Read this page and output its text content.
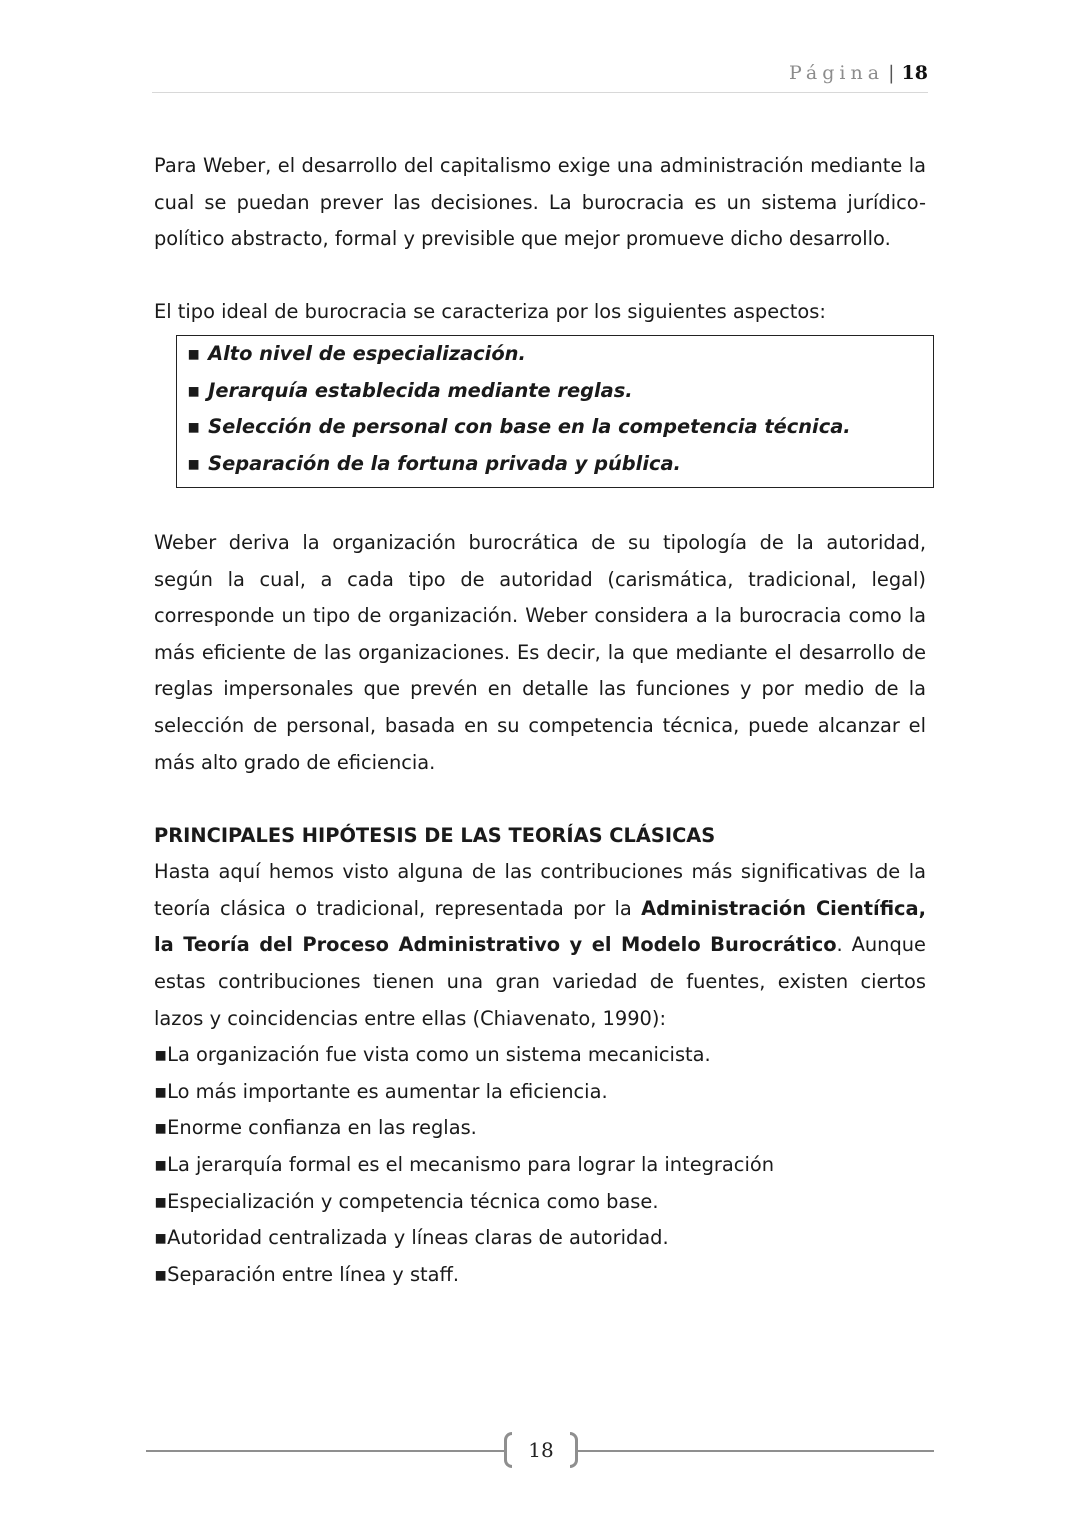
Página | 18

Para Weber, el desarrollo del capitalismo exige una administración mediante la cual se puedan prever las decisiones. La burocracia es un sistema jurídico-político abstracto, formal y previsible que mejor promueve dicho desarrollo.

El tipo ideal de burocracia se caracteriza por los siguientes aspectos:

▪ Alto nivel de especialización.
▪ Jerarquía establecida mediante reglas.
▪ Selección de personal con base en la competencia técnica.
▪ Separación de la fortuna privada y pública.

Weber deriva la organización burocrática de su tipología de la autoridad, según la cual, a cada tipo de autoridad (carismática, tradicional, legal) corresponde un tipo de organización. Weber considera a la burocracia como la más eficiente de las organizaciones. Es decir, la que mediante el desarrollo de reglas impersonales que prevén en detalle las funciones y por medio de la selección de personal, basada en su competencia técnica, puede alcanzar el más alto grado de eficiencia.

PRINCIPALES HIPÓTESIS DE LAS TEORÍAS CLÁSICAS

Hasta aquí hemos visto alguna de las contribuciones más significativas de la teoría clásica o tradicional, representada por la Administración Científica, la Teoría del Proceso Administrativo y el Modelo Burocrático. Aunque estas contribuciones tienen una gran variedad de fuentes, existen ciertos lazos y coincidencias entre ellas (Chiavenato, 1990):

▪La organización fue vista como un sistema mecanicista.
▪Lo más importante es aumentar la eficiencia.
▪Enorme confianza en las reglas.
▪La jerarquía formal es el mecanismo para lograr la integración
▪Especialización y competencia técnica como base.
▪Autoridad centralizada y líneas claras de autoridad.
▪Separación entre línea y staff.
18
